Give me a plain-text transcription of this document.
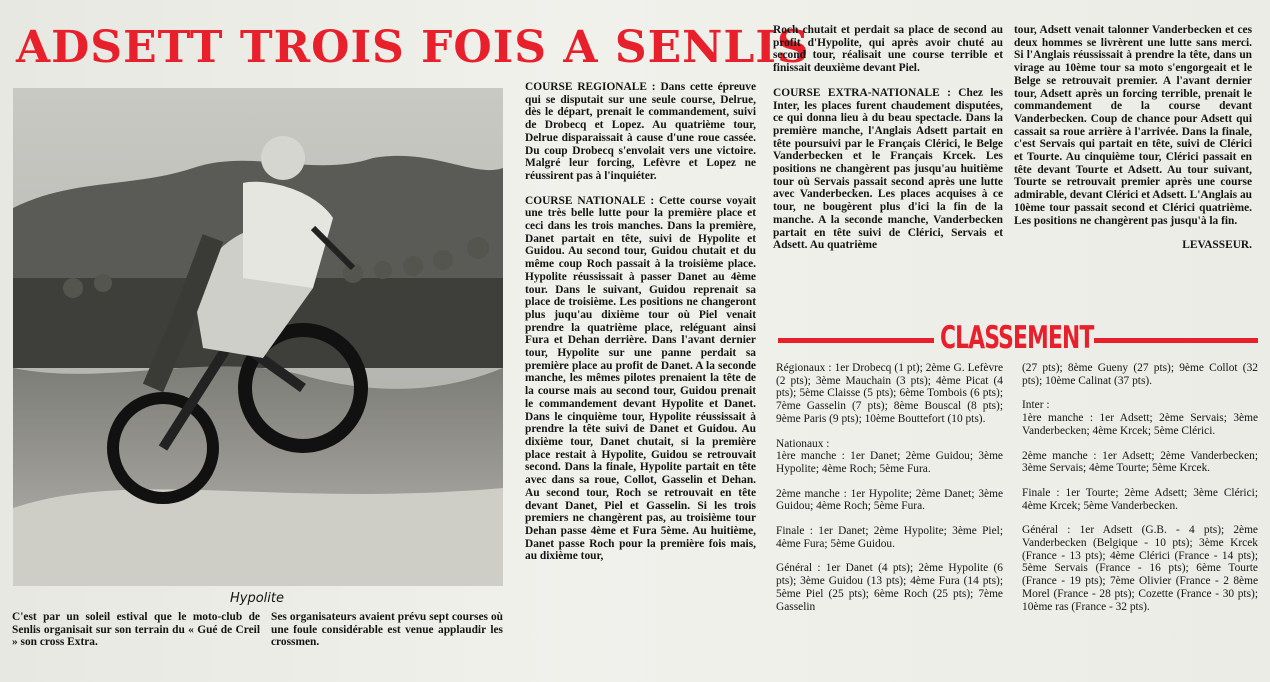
ADSETT TROIS FOIS A SENLIS
Hypolite
C'est par un soleil estival que le moto-club de Senlis organisait sur son terrain du « Gué de Creil » son cross Extra.
Ses organisateurs avaient prévu sept courses où une foule considérable est venue applaudir les crossmen.

COURSE REGIONALE : Dans cette épreuve qui se disputait sur une seule course, Delrue, dès le départ, prenait le commandement, suivi de Drobecq et Lopez. Au quatrième tour, Delrue disparaissait à cause d'une roue cassée. Du coup Drobecq s'envolait vers une victoire. Malgré leur forcing, Lefèvre et Lopez ne réussirent pas à l'inquiéter.

COURSE NATIONALE : Cette course voyait une très belle lutte pour la première place et ceci dans les trois manches. Dans la première, Danet partait en tête, suivi de Hypolite et Guidou. Au second tour, Guidou chutait et du même coup Roch passait à la troisième place. Hypolite réussissait à passer Danet au 4ème tour. Dans le suivant, Guidou reprenait sa place de troisième. Les positions ne changeront plus juqu'au dixième tour où Piel venait prendre la quatrième place, reléguant ainsi Fura et Dehan derrière. Dans l'avant dernier tour, Hypolite sur une panne perdait sa première place au profit de Danet. A la seconde manche, les mêmes pilotes prenaient la tête de la course mais au second tour, Guidou prenait le commandement devant Hypolite et Danet. Dans le cinquième tour, Hypolite réussissait à prendre la tête suivi de Danet et Guidou. Au dixième tour, Danet chutait, si la première place restait à Hypolite, Guidou se retrouvait second. Dans la finale, Hypolite partait en tête avec dans sa roue, Collot, Gasselin et Dehan. Au second tour, Roch se retrouvait en tête devant Danet, Piel et Gasselin. Si les trois premiers ne changèrent pas, au troisième tour Dehan passe 4ème et Fura 5ème. Au huitième, Danet passe Roch pour la première fois mais, au dixième tour,

Roch chutait et perdait sa place de second au profit d'Hypolite, qui après avoir chuté au second tour, réalisait une course terrible et finissait deuxième devant Piel.

COURSE EXTRA-NATIONALE : Chez les Inter, les places furent chaudement disputées, ce qui donna lieu à du beau spectacle. Dans la première manche, l'Anglais Adsett partait en tête poursuivi par le Français Clérici, le Belge Vanderbecken et le Français Krcek. Les positions ne changèrent pas jusqu'au huitième tour où Servais passait second après une lutte avec Vanderbecken. Les places acquises à ce tour, ne bougèrent plus d'ici la fin de la manche. A la seconde manche, Vanderbecken partait en tête suivi de Clérici, Servais et Adsett. Au quatrième

tour, Adsett venait talonner Vanderbecken et ces deux hommes se livrèrent une lutte sans merci. Si l'Anglais réussissait à prendre la tête, dans un virage au 10ème tour sa moto s'engorgeait et le Belge se retrouvait premier. A l'avant dernier tour, Adsett après un forcing terrible, prenait le commandement de la course devant Vanderbecken. Coup de chance pour Adsett qui cassait sa roue arrière à l'arrivée. Dans la finale, c'est Servais qui partait en tête, suivi de Clérici et Tourte. Au cinquième tour, Clérici passait en tête devant Tourte et Adsett. Au tour suivant, Tourte se retrouvait premier après une course admirable, devant Clérici et Adsett. L'Anglais au 10ème tour passait second et Clérici quatrième. Les positions ne changèrent pas jusqu'à la fin.

LEVASSEUR.

CLASSEMENT

Régionaux : 1er Drobecq (1 pt); 2ème G. Lefèvre (2 pts); 3ème Mauchain (3 pts); 4ème Picat (4 pts); 5ème Claisse (5 pts); 6ème Tombois (6 pts); 7ème Gasselin (7 pts); 8ème Bouscal (8 pts); 9ème Paris (9 pts); 10ème Bouttefort (10 pts).

Nationaux :

1ère manche : 1er Danet; 2ème Guidou; 3ème Hypolite; 4ème Roch; 5ème Fura.

2ème manche : 1er Hypolite; 2ème Danet; 3ème Guidou; 4ème Roch; 5ème Fura.

Finale : 1er Danet; 2ème Hypolite; 3ème Piel; 4ème Fura; 5ème Guidou.

Général : 1er Danet (4 pts); 2ème Hypolite (6 pts); 3ème Guidou (13 pts); 4ème Fura (14 pts); 5ème Piel (25 pts); 6ème Roch (25 pts); 7ème Gasselin

(27 pts); 8ème Gueny (27 pts); 9ème Collot (32 pts); 10ème Calinat (37 pts).

Inter :

1ère manche : 1er Adsett; 2ème Servais; 3ème Vanderbecken; 4ème Krcek; 5ème Clérici.

2ème manche : 1er Adsett; 2ème Vanderbecken; 3ème Servais; 4ème Tourte; 5ème Krcek.

Finale : 1er Tourte; 2ème Adsett; 3ème Clérici; 4ème Krcek; 5ème Vanderbecken.

Général : 1er Adsett (G.B. - 4 pts); 2ème Vanderbecken (Belgique - 10 pts); 3ème Krcek (France - 13 pts); 4ème Clérici (France - 14 pts); 5ème Servais (France - 16 pts); 6ème Tourte (France - 19 pts); 7ème Olivier (France - 2 8ème Morel (France - 28 pts); Cozette (France - 30 pts); 10ème ras (France - 32 pts).
